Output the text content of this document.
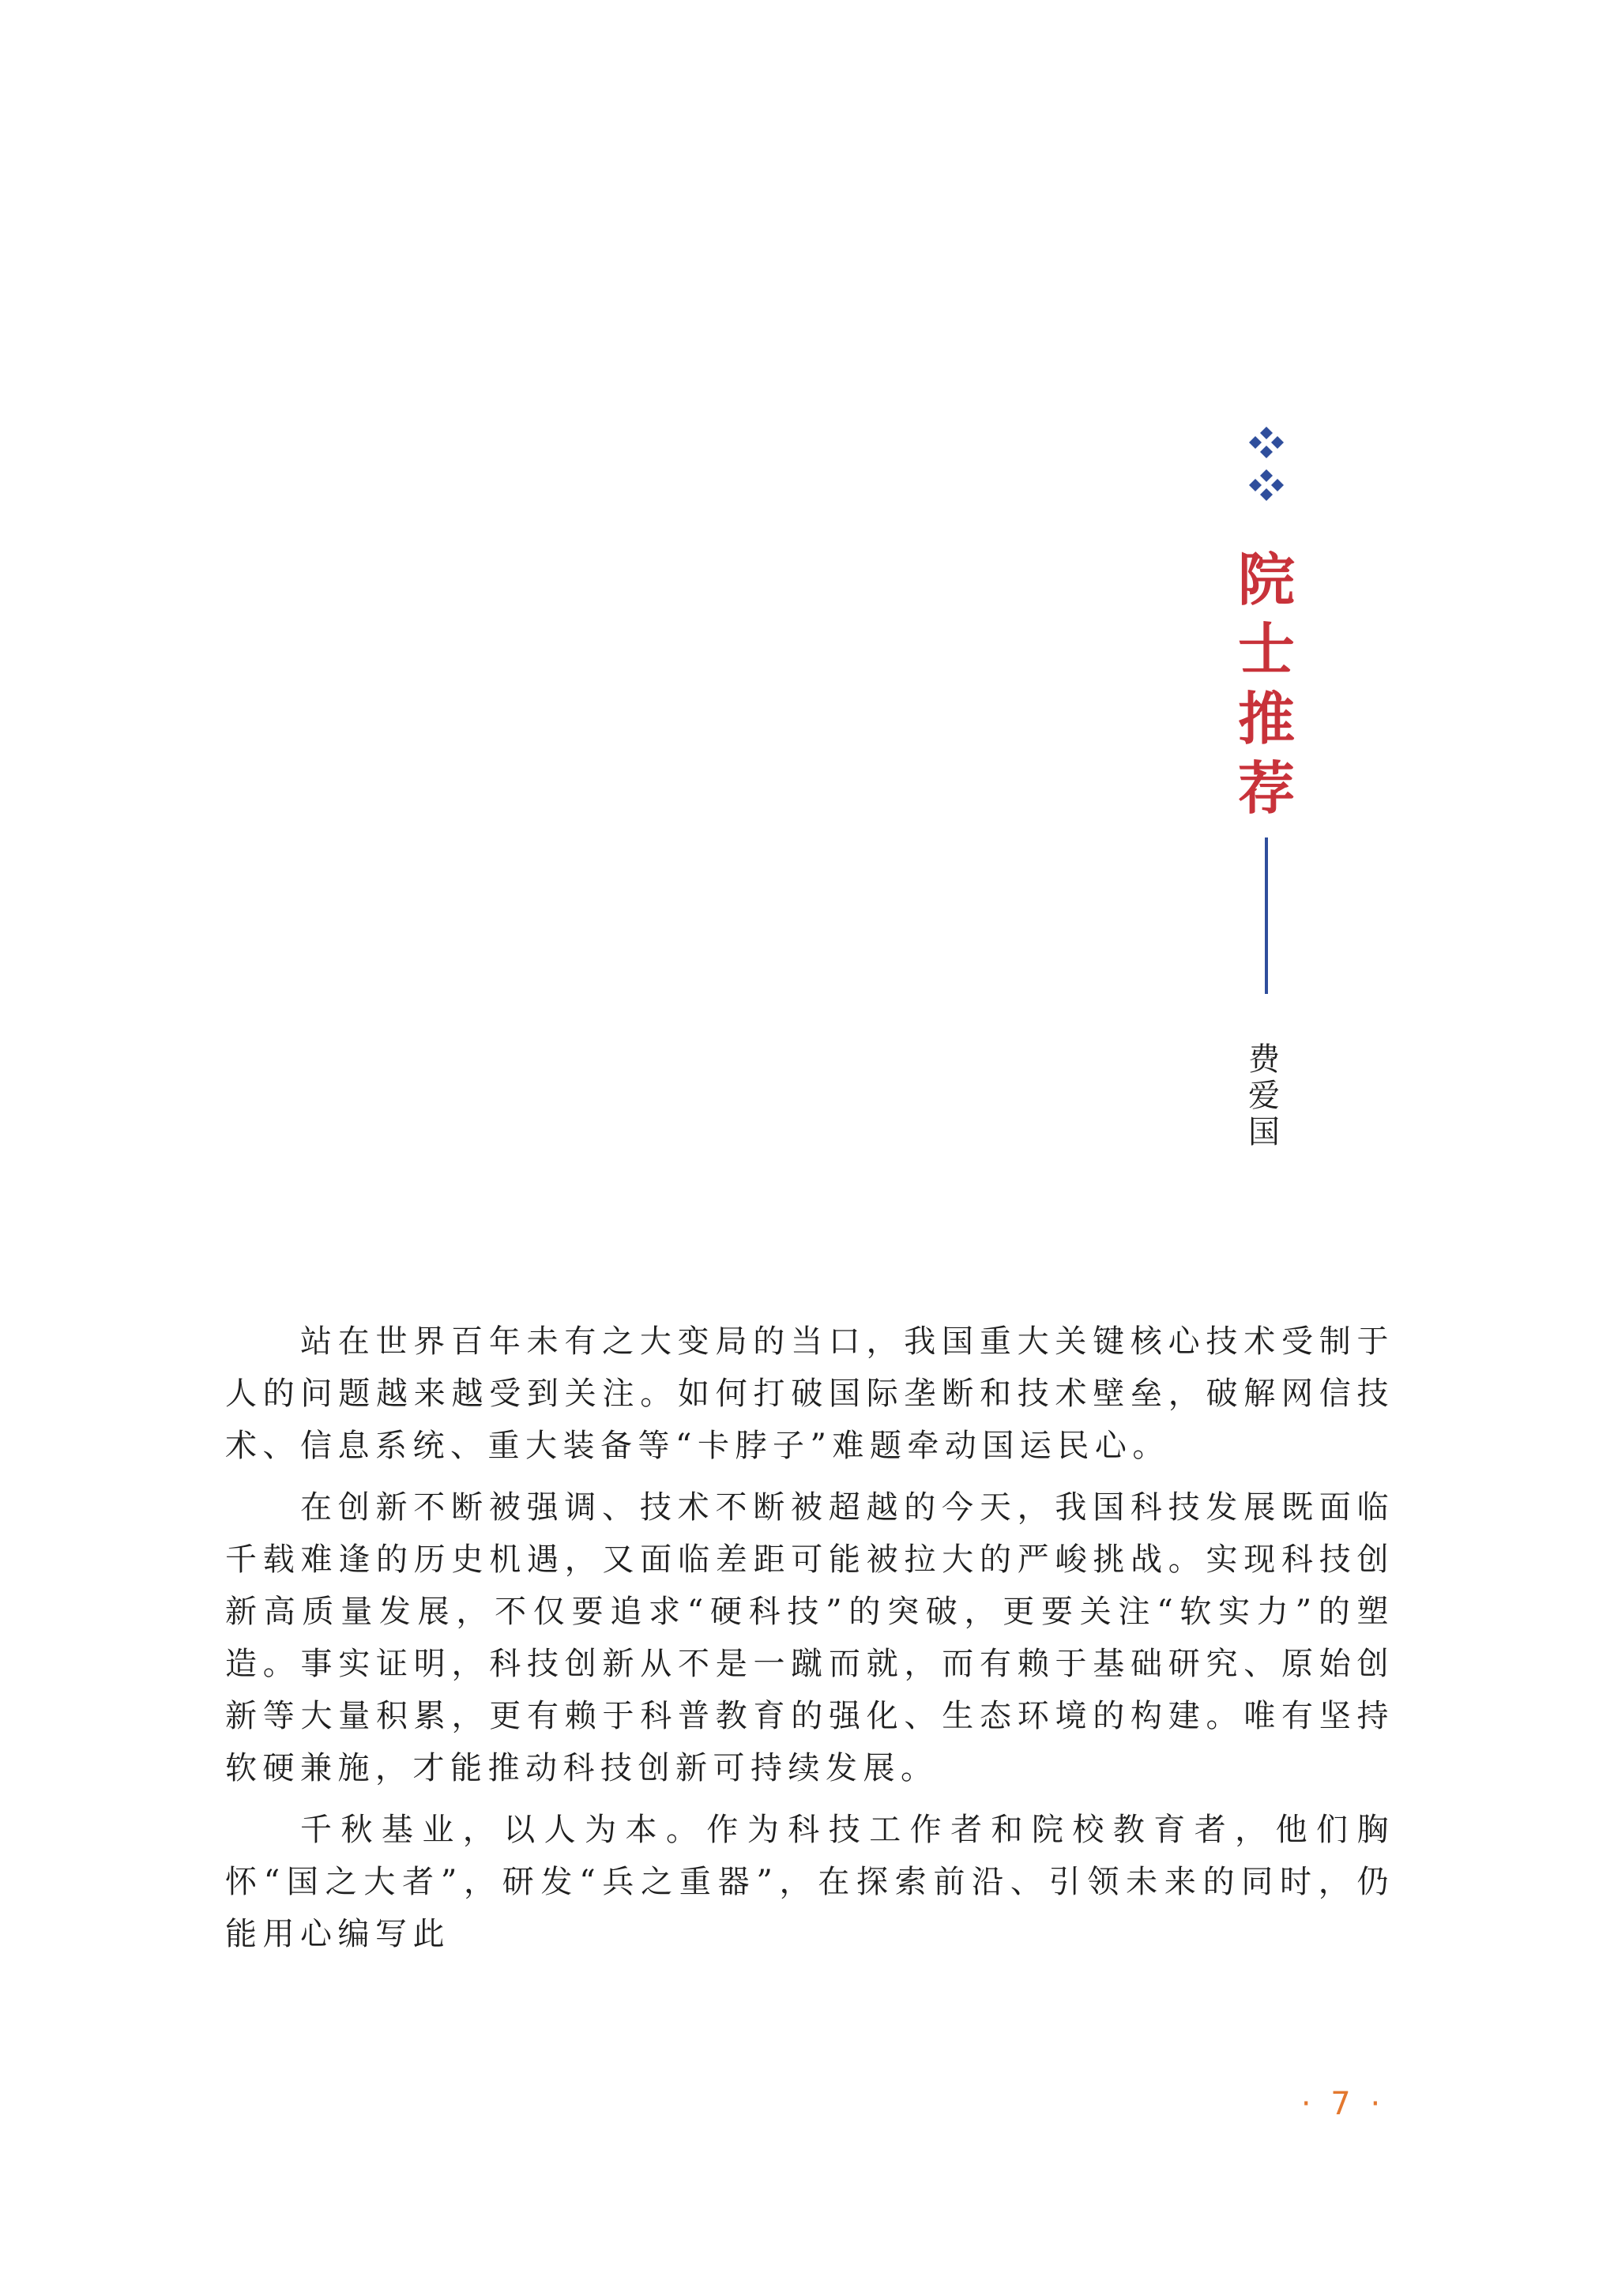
院
士
推
荐
费
爱
国

站在世界百年未有之大变局的当口，我国重大关键核心技术受制于人的问题越来越受到关注。如何打破国际垄断和技术壁垒，破解网信技术、信息系统、重大装备等“卡脖子”难题牵动国运民心。

在创新不断被强调、技术不断被超越的今天，我国科技发展既面临千载难逢的历史机遇，又面临差距可能被拉大的严峻挑战。实现科技创新高质量发展，不仅要追求“硬科技”的突破，更要关注“软实力”的塑造。事实证明，科技创新从不是一蹴而就，而有赖于基础研究、原始创新等大量积累，更有赖于科普教育的强化、生态环境的构建。唯有坚持软硬兼施，才能推动科技创新可持续发展。

千秋基业，以人为本。作为科技工作者和院校教育者，他们胸怀“国之大者”，研发“兵之重器”，在探索前沿、引领未来的同时，仍能用心编写此

· 7 ·
